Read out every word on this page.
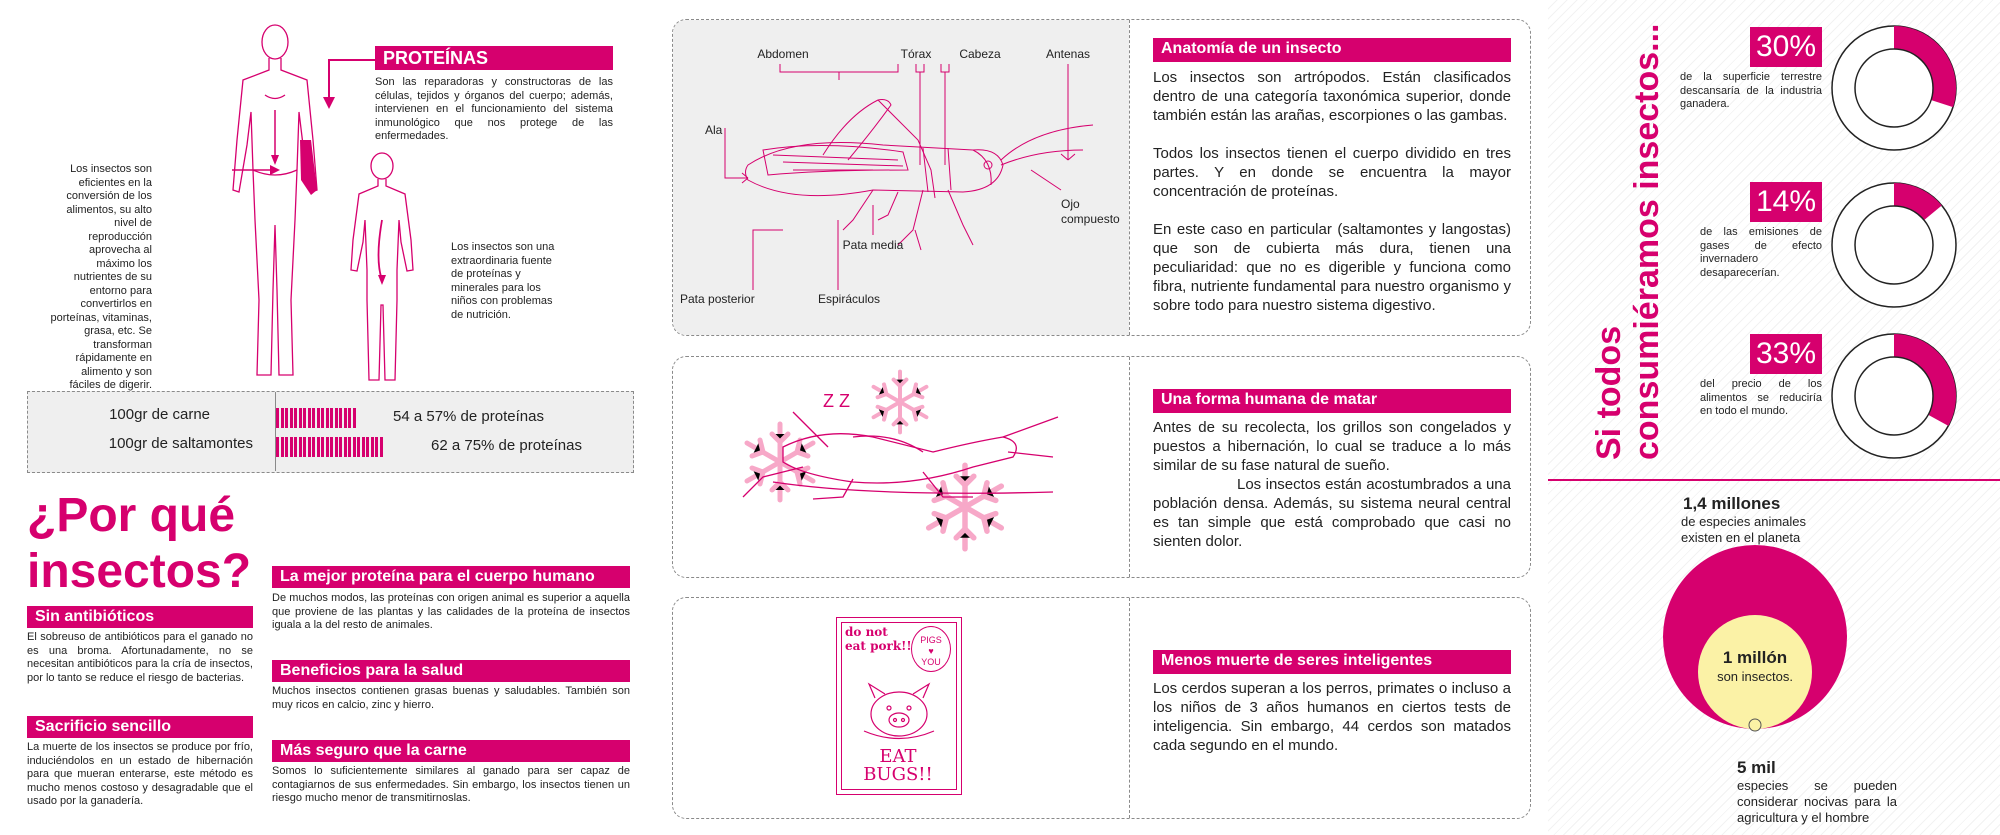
PROTEÍNAS
Son las reparadoras y constructoras de las células, tejidos y órganos del cuerpo; además, intervienen en el funcionamiento del sistema inmunológico que nos protege de las enfermedades.
Los insectos son eficientes en la conversión de los alimentos, su alto nivel de reproducción aprovecha al máximo los nutrientes de su entorno para convertirlos en porteínas, vitaminas, grasa, etc. Se transforman rápidamente en alimento y son fáciles de digerir.
Los insectos son una extraordinaria fuente de proteínas y minerales para los niños con problemas de nutrición.
100gr de carne	54 a 57% de proteínas
100gr de saltamontes	62 a 75% de proteínas
¿Por qué
insectos?
Sin antibióticos
El sobreuso de antibióticos para el ganado no es una broma. Afortunadamente, no se necesitan antibióticos para la cría de insectos, por lo tanto se reduce el riesgo de bacterias.
Sacrificio sencillo
La muerte de los insectos se produce por frío, induciéndolos en un estado de hibernación para que mueran enterarse, este método es mucho menos costoso y desagradable que el usado por la ganadería.
La mejor proteína para el cuerpo humano
De muchos modos, las proteínas con origen animal es superior a aquella que proviene de las plantas y las calidades de la proteína de insectos iguala a la del resto de animales.
Beneficios para la salud
Muchos insectos contienen grasas buenas y saludables. También son muy ricos en calcio, zinc y hierro.
Más seguro que la carne
Somos lo suficientemente similares al ganado para ser capaz de contagiarnos de sus enfermedades. Sin embargo, los insectos tienen un riesgo mucho menor de transmitirnoslas.
Abdomen	Tórax Cabeza	Antenas
Ala
Ojo
compuesto
Pata media
Pata posterior	Espiráculos
Anatomía de un insecto
Los insectos son artrópodos. Están clasificados dentro de una categoría taxonómica superior, donde también están las arañas, escorpiones o las gambas.
Todos los insectos tienen el cuerpo dividido en tres partes. Y en donde se encuentra la mayor concentración de proteínas.
En este caso en particular (saltamontes y langostas) que son de cubierta más dura, tienen una peculiaridad: que no es digerible y funciona como fibra, nutriente fundamental para nuestro organismo y sobre todo para nuestro sistema digestivo.
Z Z	Una forma humana de matar
Antes de su recolecta, los grillos son congelados y puestos a hibernación, lo cual se traduce a lo más similar de su fase natural de sueño.
Los insectos están acostumbrados a una población densa. Además, su sistema neural central es tan simple que está comprobado que casi no sienten dolor.
do not
eat pork!! PIGS
♥
YOU
EAT
BUGS!!
Menos muerte de seres inteligentes
Los cerdos superan a los perros, primates o incluso a los niños de 3 años humanos en ciertos tests de inteligencia. Sin embargo, 44 cerdos son matados cada segundo en el mundo.
Si todos consumiéramos insectos...	30%
de la superficie terrestre descansaría de la industria ganadera.
14%
de las emisiones de gases de efecto invernadero desaparecerían.
33%
del precio de los alimentos se reduciría en todo el mundo.
1,4 millones
de especies animales existen en el planeta
1 millón
son insectos.
5 mil
especies se pueden considerar nocivas para la agricultura y el hombre
